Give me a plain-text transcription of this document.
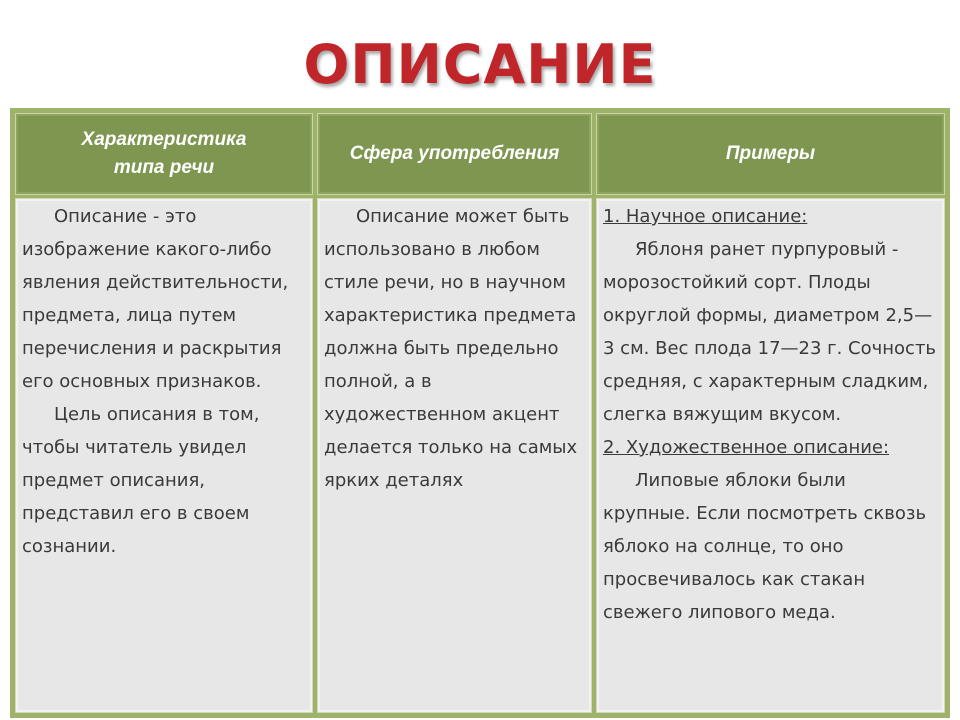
ОПИСАНИЕ
Характеристика
типа речи
Сфера употребления	Примеры

Описание - это изображение какого-либо явления действительности, предмета, лица путем перечисления и раскрытия его основных признаков.

Цель описания в том, чтобы читатель увидел предмет описания, представил его в своем сознании.

Описание может быть использовано в любом стиле речи, но в научном характеристика предмета должна быть предельно полной, а в художественном акцент делается только на самых ярких деталях

1. Научное описание:

Яблоня ранет пурпуровый - морозостойкий сорт. Плоды округлой формы, диаметром 2,5—3 см. Вес плода 17—23 г. Сочность средняя, с характерным сладким, слегка вяжущим вкусом.

2. Художественное описание:

Липовые яблоки были крупные. Если посмотреть сквозь яблоко на солнце, то оно просвечивалось как стакан свежего липового меда.
